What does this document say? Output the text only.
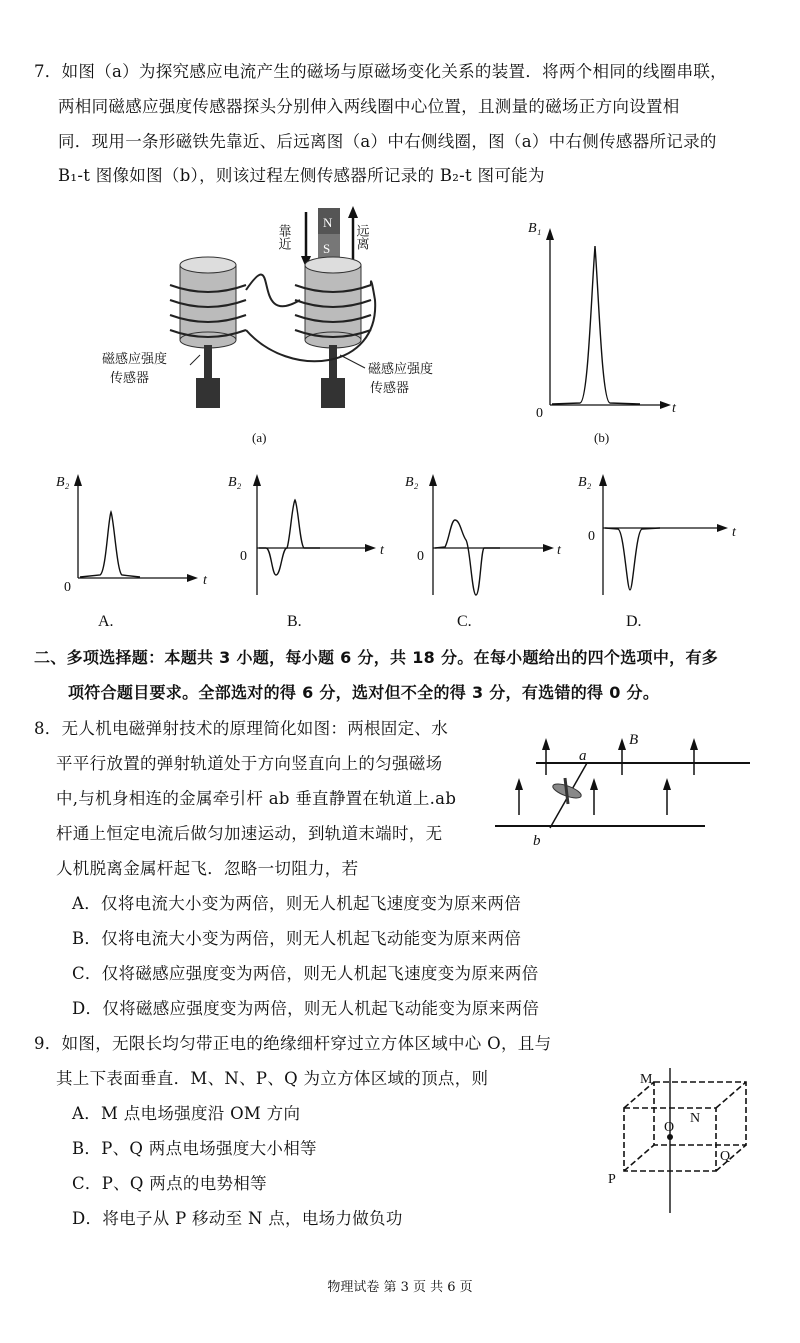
7．如图（a）为探究感应电流产生的磁场与原磁场变化关系的装置．将两个相同的线圈串联，
两相同磁感应强度传感器探头分别伸入两线圈中心位置，且测量的磁场正方向设置相
同．现用一条形磁铁先靠近、后远离图（a）中右侧线圈，图（a）中右侧传感器所记录的
B₁-t 图像如图（b），则该过程左侧传感器所记录的 B₂-t 图可能为
N
S
靠近	远离
磁感应强度
传感器
磁感应强度
传感器
(a)
B₁
0	t
(b)
B₂
0	t
A.
B₂
0	t
B.
B₂
0	t
C.
B₂
0	t
D.
二、多项选择题：本题共 3 小题，每小题 6 分，共 18 分。在每小题给出的四个选项中，有多
项符合题目要求。全部选对的得 6 分，选对但不全的得 3 分，有选错的得 0 分。
8．无人机电磁弹射技术的原理简化如图：两根固定、水
平平行放置的弹射轨道处于方向竖直向上的匀强磁场
中,与机身相连的金属牵引杆 ab 垂直静置在轨道上.ab
杆通上恒定电流后做匀加速运动，到轨道末端时，无
人机脱离金属杆起飞．忽略一切阻力，若
a
b
B
A．仅将电流大小变为两倍，则无人机起飞速度变为原来两倍
B．仅将电流大小变为两倍，则无人机起飞动能变为原来两倍
C．仅将磁感应强度变为两倍，则无人机起飞速度变为原来两倍
D．仅将磁感应强度变为两倍，则无人机起飞动能变为原来两倍
9．如图，无限长均匀带正电的绝缘细杆穿过立方体区域中心 O，且与
其上下表面垂直．M、N、P、Q 为立方体区域的顶点，则
A．M 点电场强度沿 OM 方向
B．P、Q 两点电场强度大小相等
C．P、Q 两点的电势相等
D．将电子从 P 移动至 N 点，电场力做负功
M
N
O
P
Q
物理试卷 第 3 页 共 6 页
